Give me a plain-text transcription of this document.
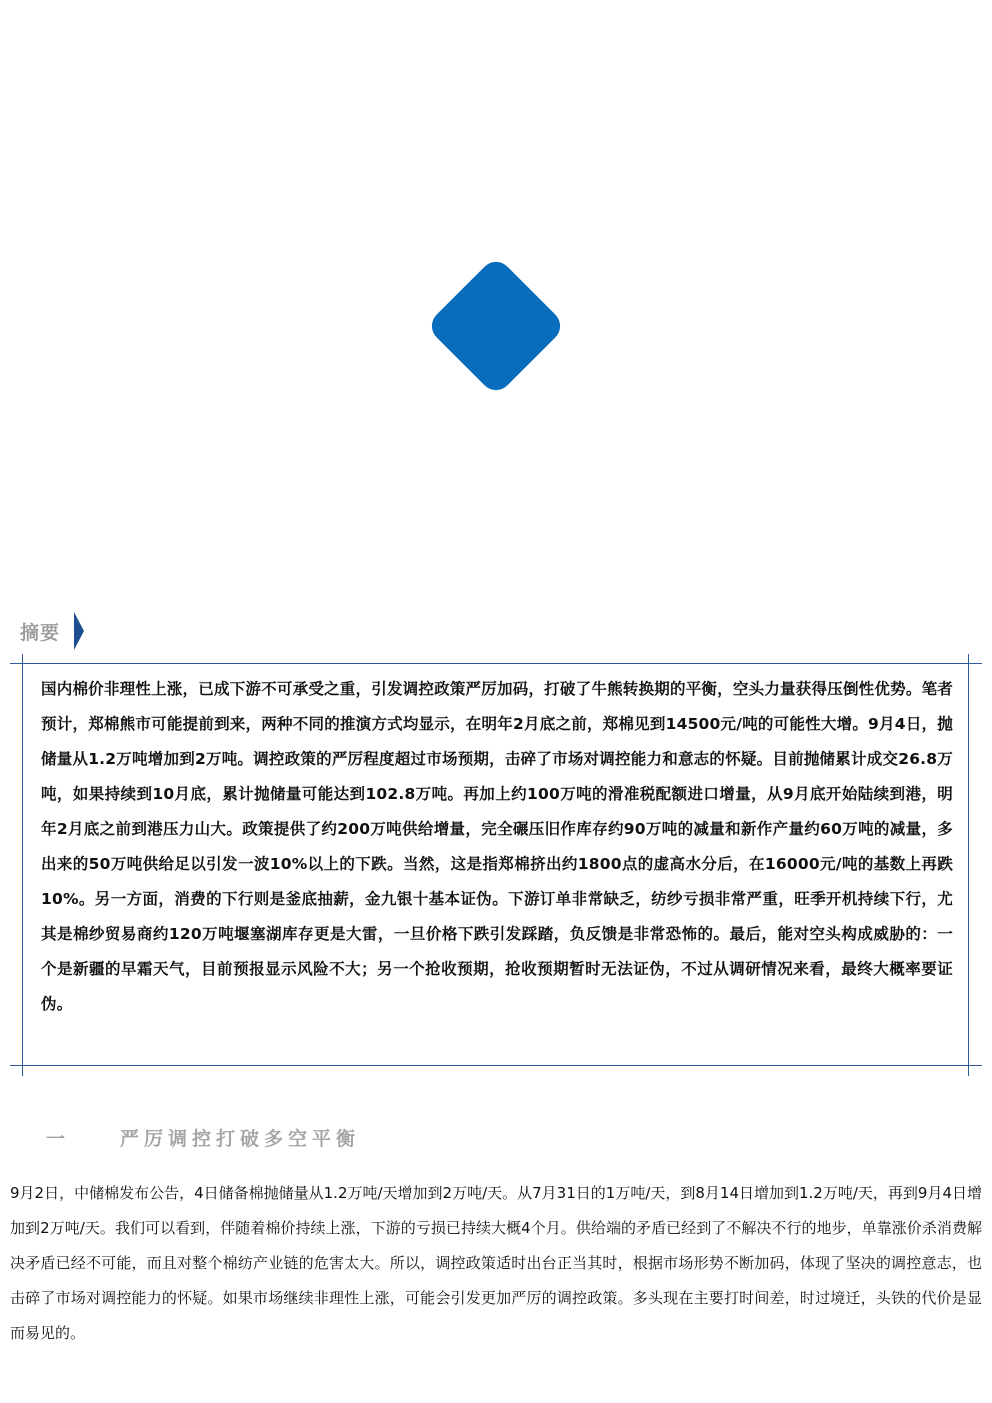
摘要

国内棉价非理性上涨，已成下游不可承受之重，引发调控政策严厉加码，打破了牛熊转换期的平衡，空头力量获得压倒性优势。笔者预计，郑棉熊市可能提前到来，两种不同的推演方式均显示，在明年2月底之前，郑棉见到14500元/吨的可能性大增。9月4日，抛储量从1.2万吨增加到2万吨。调控政策的严厉程度超过市场预期，击碎了市场对调控能力和意志的怀疑。目前抛储累计成交26.8万吨，如果持续到10月底，累计抛储量可能达到102.8万吨。再加上约100万吨的滑准税配额进口增量，从9月底开始陆续到港，明年2月底之前到港压力山大。政策提供了约200万吨供给增量，完全碾压旧作库存约90万吨的减量和新作产量约60万吨的减量，多出来的50万吨供给足以引发一波10%以上的下跌。当然，这是指郑棉挤出约1800点的虚高水分后，在16000元/吨的基数上再跌10%。另一方面，消费的下行则是釜底抽薪，金九银十基本证伪。下游订单非常缺乏，纺纱亏损非常严重，旺季开机持续下行，尤其是棉纱贸易商约120万吨堰塞湖库存更是大雷，一旦价格下跌引发踩踏，负反馈是非常恐怖的。最后，能对空头构成威胁的：一个是新疆的早霜天气，目前预报显示风险不大；另一个抢收预期，抢收预期暂时无法证伪，不过从调研情况来看，最终大概率要证伪。

一	严厉调控打破多空平衡

9月2日，中储棉发布公告，4日储备棉抛储量从1.2万吨/天增加到2万吨/天。从7月31日的1万吨/天，到8月14日增加到1.2万吨/天，再到9月4日增加到2万吨/天。我们可以看到，伴随着棉价持续上涨，下游的亏损已持续大概4个月。供给端的矛盾已经到了不解决不行的地步，单靠涨价杀消费解决矛盾已经不可能，而且对整个棉纺产业链的危害太大。所以，调控政策适时出台正当其时，根据市场形势不断加码，体现了坚决的调控意志，也击碎了市场对调控能力的怀疑。如果市场继续非理性上涨，可能会引发更加严厉的调控政策。多头现在主要打时间差，时过境迁，头铁的代价是显而易见的。
